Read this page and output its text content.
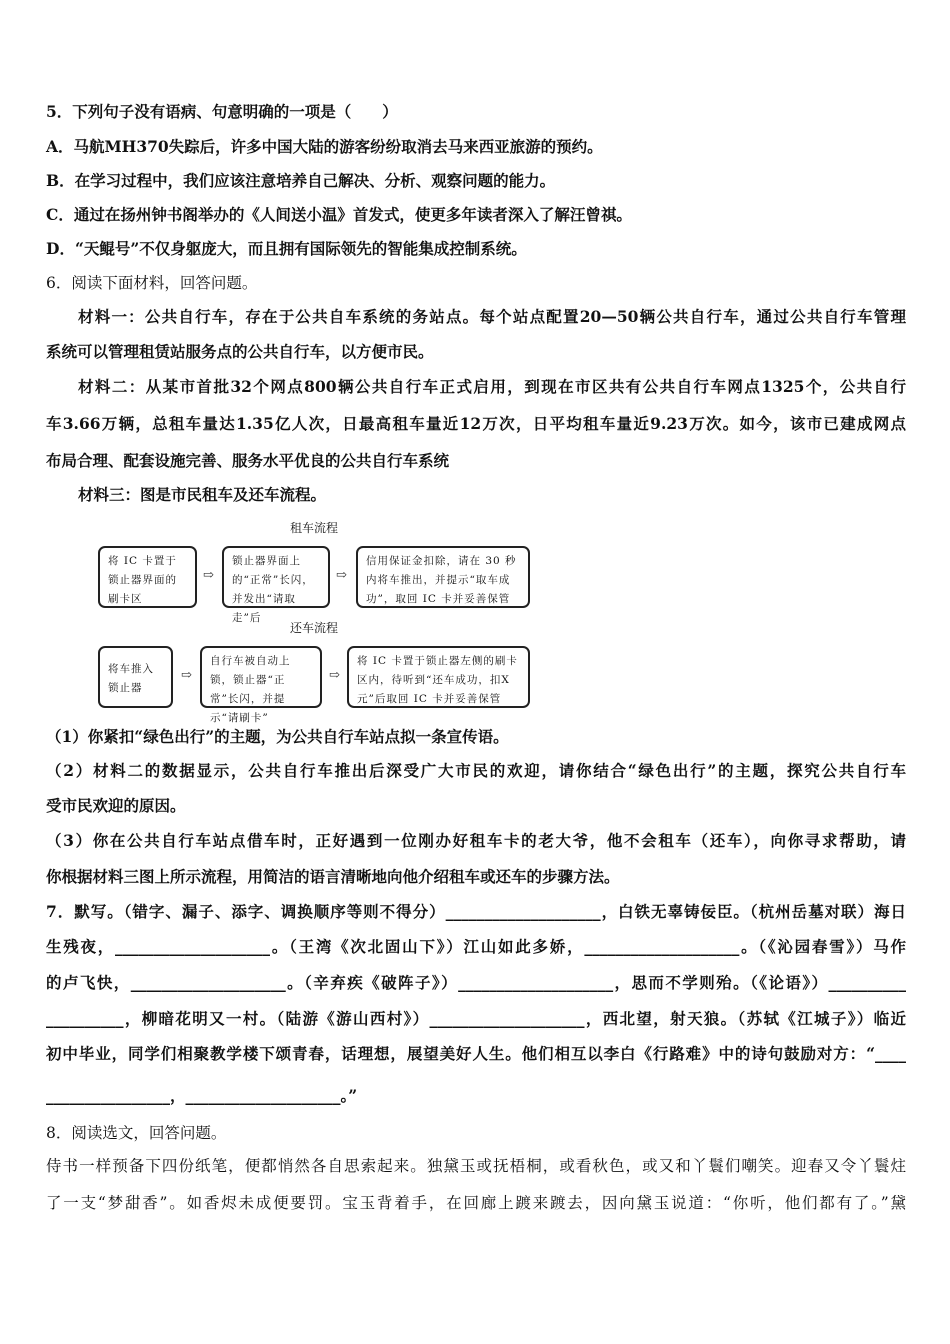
5．下列句子没有语病、句意明确的一项是（　　）
A．马航MH370失踪后，许多中国大陆的游客纷纷取消去马来西亚旅游的预约。
B．在学习过程中，我们应该注意培养自己解决、分析、观察问题的能力。
C．通过在扬州钟书阁举办的《人间送小温》首发式，使更多年读者深入了解汪曾祺。
D．“天鲲号”不仅身躯庞大，而且拥有国际领先的智能集成控制系统。
6．阅读下面材料，回答问题。
材料一：公共自行车，存在于公共自车系统的务站点。每个站点配置20—50辆公共自行车，通过公共自行车管理
系统可以管理租赁站服务点的公共自行车，以方便市民。
材料二：从某市首批32个网点800辆公共自行车正式启用，到现在市区共有公共自行车网点1325个，公共自行
车3.66万辆，总租车量达1.35亿人次，日最高租车量近12万次，日平均租车量近9.23万次。如今，该市已建成网点
布局合理、配套设施完善、服务水平优良的公共自行车系统
材料三：图是市民租车及还车流程。
租车流程
将 IC 卡置于锁止器界面的刷卡区
⇨
锁止器界面上的“正常”长闪，并发出“请取走”后
⇨
信用保证金扣除，请在 30 秒内将车推出，并提示“取车成功”，取回 IC 卡并妥善保管
还车流程
将车推入锁止器
⇨
自行车被自动上锁，锁止器“正常”长闪，并提示“请刷卡”
⇨
将 IC 卡置于锁止器左侧的刷卡区内，待听到“还车成功，扣X元”后取回 IC 卡并妥善保管
（1）你紧扣“绿色出行”的主题，为公共自行车站点拟一条宣传语。
（2）材料二的数据显示，公共自行车推出后深受广大市民的欢迎，请你结合“绿色出行”的主题，探究公共自行车
受市民欢迎的原因。
（3）你在公共自行车站点借车时，正好遇到一位刚办好租车卡的老大爷，他不会租车（还车），向你寻求帮助，请
你根据材料三图上所示流程，用简洁的语言清晰地向他介绍租车或还车的步骤方法。
7．默写。（错字、漏子、添字、调换顺序等则不得分）____________________，白铁无辜铸佞臣。（杭州岳墓对联）海日
生残夜，____________________。（王湾《次北固山下》）江山如此多娇，____________________。（《沁园春雪》）马作
的卢飞快，____________________。（辛弃疾《破阵子》）____________________，思而不学则殆。（《论语》）__________
__________，柳暗花明又一村。（陆游《游山西村》）____________________，西北望，射天狼。（苏轼《江城子》）临近
初中毕业，同学们相聚教学楼下颂青春，话理想，展望美好人生。他们相互以李白《行路难》中的诗句鼓励对方：“____
________________，____________________。”
8．阅读选文，回答问题。
侍书一样预备下四份纸笔，便都悄然各自思索起来。独黛玉或抚梧桐，或看秋色，或又和丫鬟们嘲笑。迎春又令丫鬟炷
了一支“梦甜香”。如香烬未成便要罚。宝玉背着手，在回廊上踱来踱去，因向黛玉说道：“你听，他们都有了。”黛
